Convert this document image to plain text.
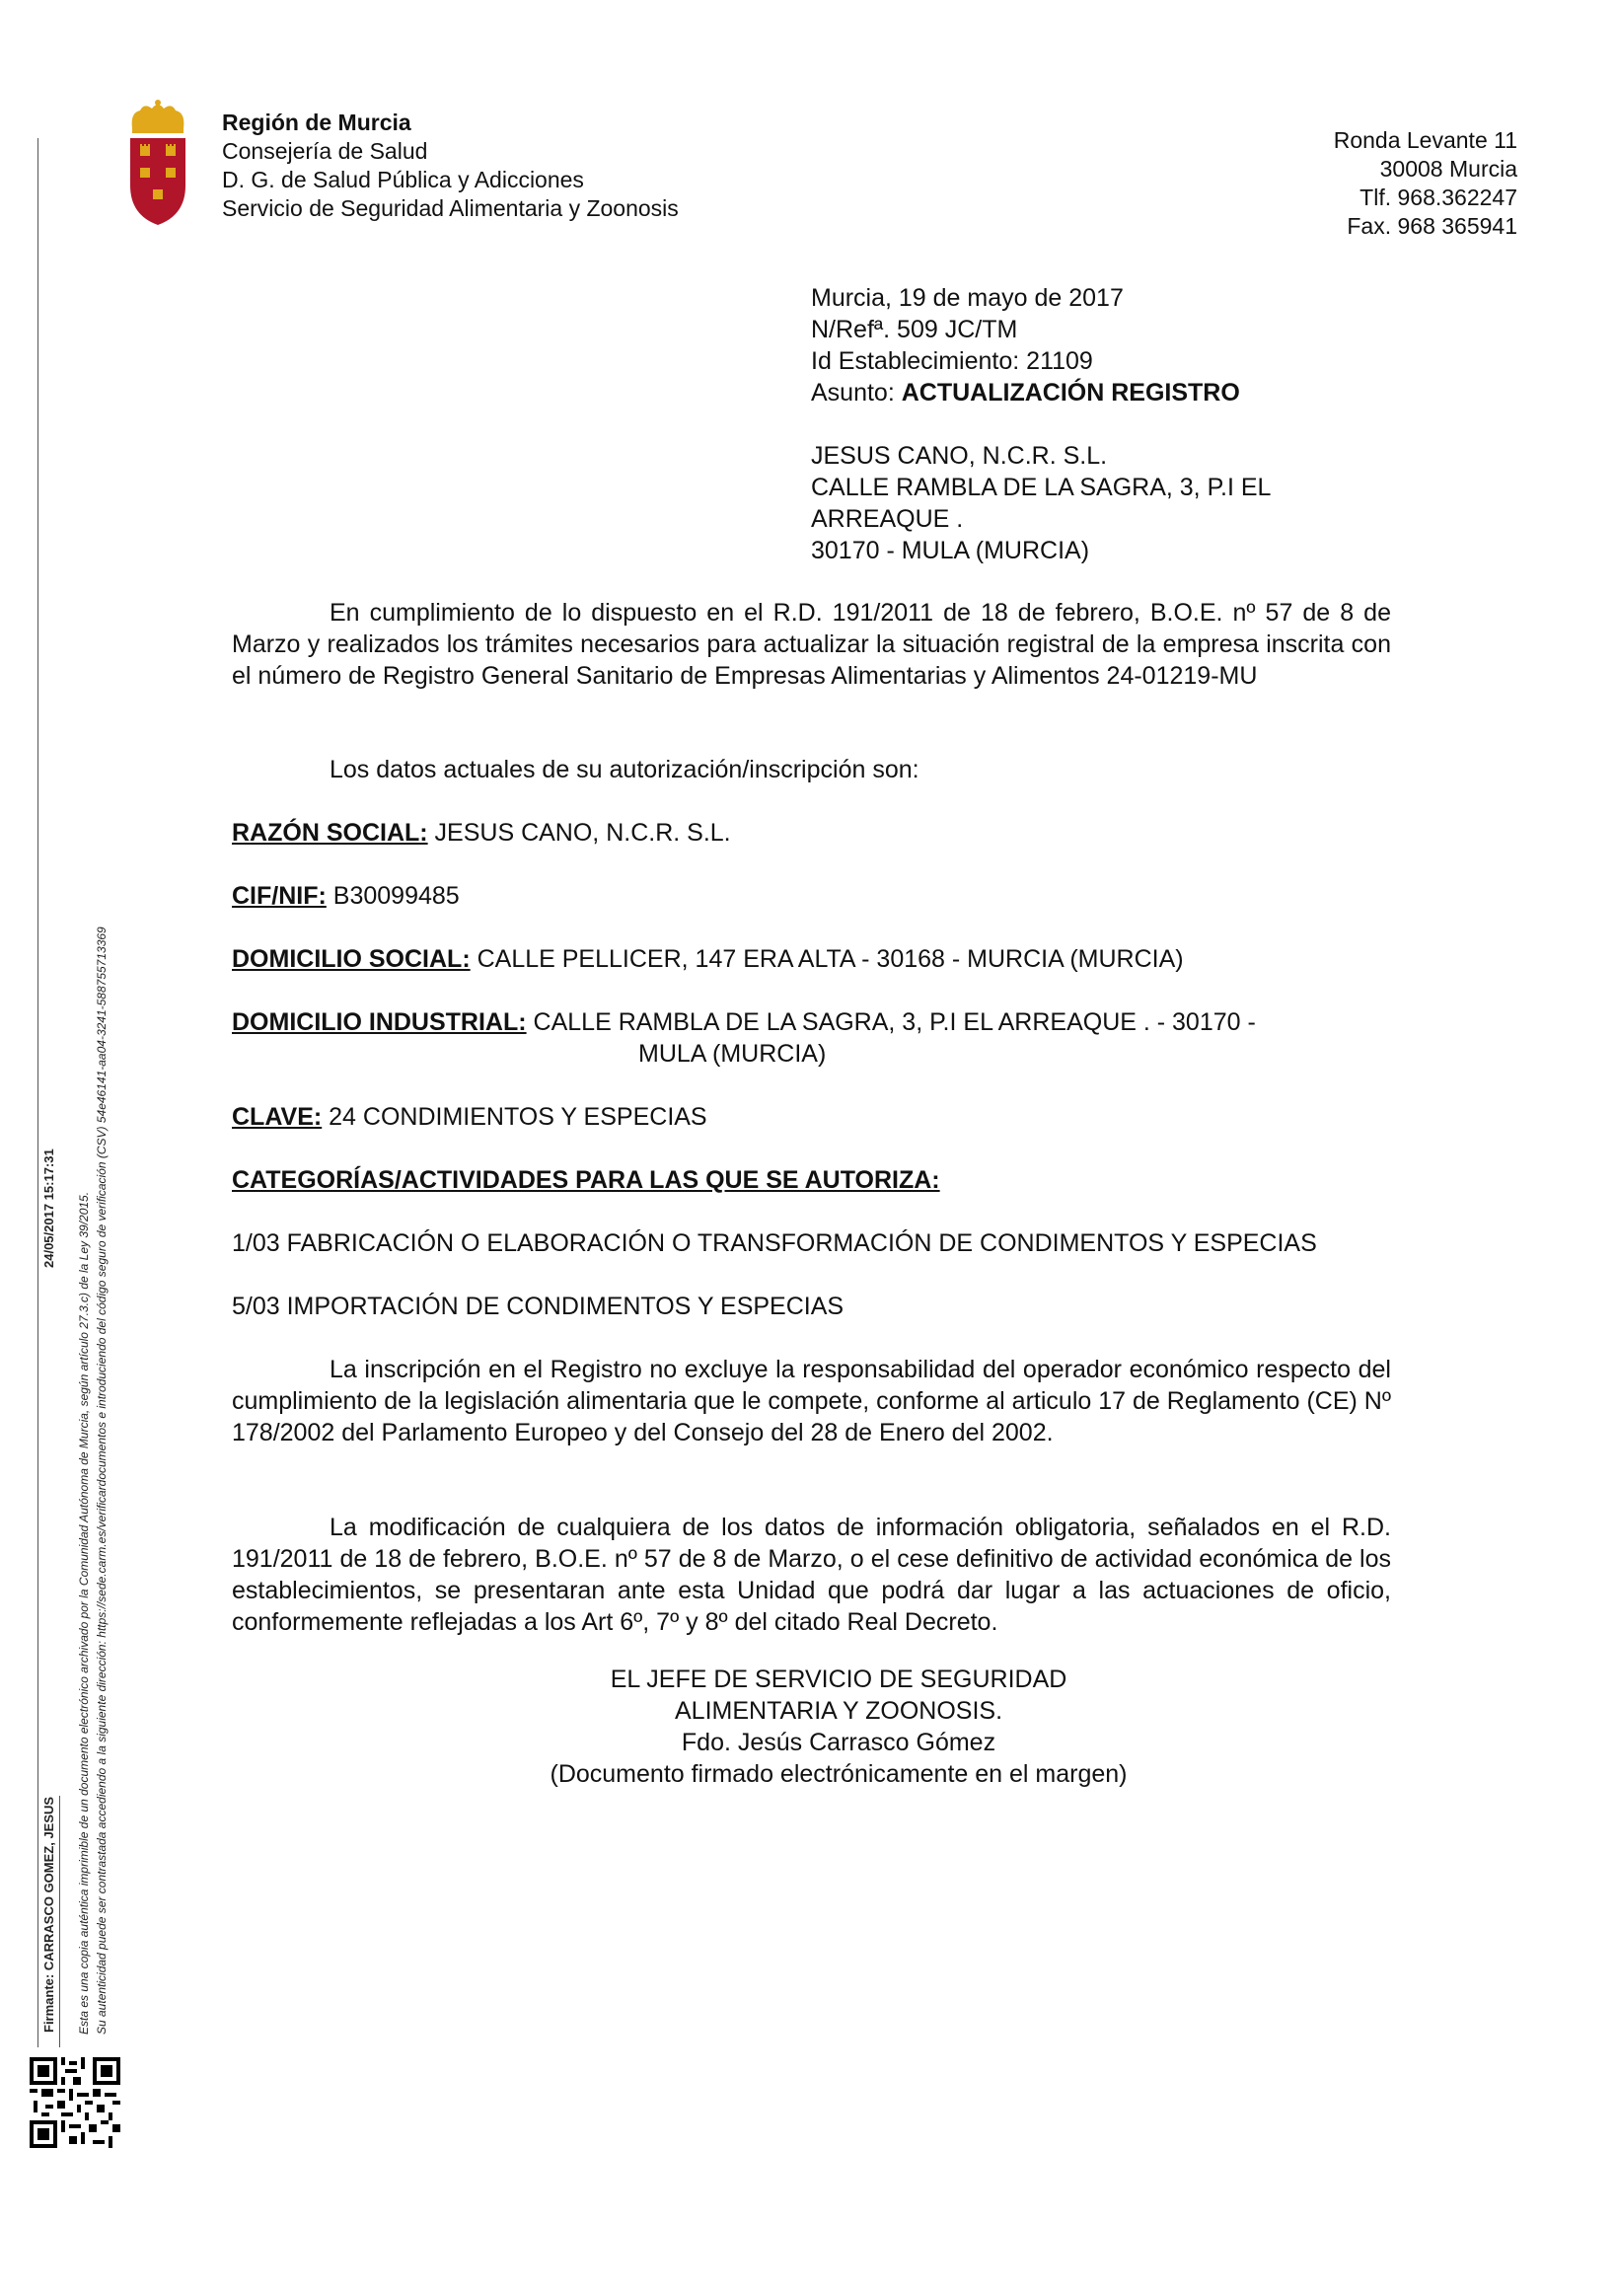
Firmante: CARRASCO GOMEZ, JESUS
24/05/2017 15:17:31 Esta es una copia auténtica imprimible de un documento electrónico archivado por la Comunidad Autónoma de Murcia, según artículo 27.3.c) de la Ley 39/2015. Su autenticidad puede ser contrastada accediendo a la siguiente dirección: https://sede.carm.es/verificardocumentos e introduciendo del código seguro de verificación (CSV) 54e46141-aa04-3241-588755713369
Región de Murcia
Consejería de Salud
D. G. de Salud Pública y Adicciones
Servicio de Seguridad Alimentaria y Zoonosis
Ronda Levante 11
30008 Murcia
Tlf. 968.362247
Fax. 968 365941
Murcia, 19 de mayo de 2017
N/Refª. 509 JC/TM
Id Establecimiento: 21109
Asunto: ACTUALIZACIÓN REGISTRO
JESUS CANO, N.C.R. S.L.
CALLE RAMBLA DE LA SAGRA, 3, P.I EL ARREAQUE .
30170 - MULA (MURCIA)
En cumplimiento de lo dispuesto en el R.D. 191/2011 de 18 de febrero, B.O.E. nº 57 de 8 de Marzo y realizados los trámites necesarios para actualizar la situación registral de la empresa inscrita con el número de Registro General Sanitario de Empresas Alimentarias y Alimentos 24-01219-MU
Los datos actuales de su autorización/inscripción son:
RAZÓN SOCIAL: JESUS CANO, N.C.R. S.L.
CIF/NIF: B30099485
DOMICILIO SOCIAL: CALLE PELLICER, 147 ERA ALTA - 30168 - MURCIA (MURCIA)
DOMICILIO INDUSTRIAL: CALLE RAMBLA DE LA SAGRA, 3, P.I EL ARREAQUE . - 30170 -
MULA (MURCIA)
CLAVE: 24 CONDIMIENTOS Y ESPECIAS
CATEGORÍAS/ACTIVIDADES PARA LAS QUE SE AUTORIZA:
1/03 FABRICACIÓN O ELABORACIÓN O TRANSFORMACIÓN DE CONDIMENTOS Y ESPECIAS
5/03 IMPORTACIÓN DE CONDIMENTOS Y ESPECIAS
La inscripción en el Registro no excluye la responsabilidad del operador económico respecto del cumplimiento de la legislación alimentaria que le compete, conforme al articulo 17 de Reglamento (CE) Nº 178/2002 del Parlamento Europeo y del Consejo del 28 de Enero del 2002.
La modificación de cualquiera de los datos de información obligatoria, señalados en el R.D. 191/2011 de 18 de febrero, B.O.E. nº 57 de 8 de Marzo, o el cese definitivo de actividad económica de los establecimientos, se presentaran ante esta Unidad que podrá dar lugar a las actuaciones de oficio, conformemente reflejadas a los Art 6º, 7º y 8º del citado Real Decreto.
EL JEFE DE SERVICIO DE SEGURIDAD
ALIMENTARIA Y ZOONOSIS.
Fdo. Jesús Carrasco Gómez
(Documento firmado electrónicamente en el margen)
